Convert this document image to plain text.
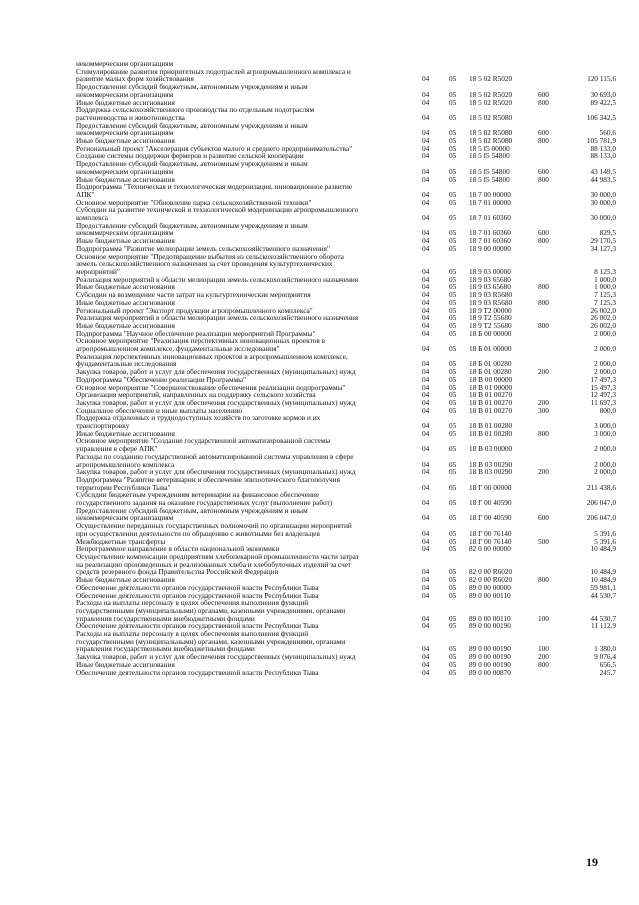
некоммерческим организациям
Стимулирование развития приоритетных подотраслей агропромышленного комплекса и
развитие малых форм хозяйствования	04	05 18 5 02 R5020	120 115,6
Предоставление субсидий бюджетным, автономным учреждениям и иным
некоммерческим организациям	04	05 18 5 02 R5020	600	30 693,0
Иные бюджетные ассигнования	04	05 18 5 02 R5020	800	89 422,5
Поддержка сельскохозяйственного производства по отдельным подотраслям
растениеводства и животноводства	04	05 18 5 02 R5080	106 342,5
Предоставление субсидий бюджетным, автономным учреждениям и иным
некоммерческим организациям	04	05 18 5 02 R5080	600	560,6
Иные бюджетные ассигнования	04	05 18 5 02 R5080	800	105 781,9
Региональный проект "Акселерация субъектов малого и среднего предпринимательства"	04	05 18 5 I5 00000	88 133,0
Создание системы поддержки фермеров и развитие сельской кооперации	04	05 18 5 I5 54800	88 133,0
Предоставление субсидий бюджетным, автономным учреждениям и иным
некоммерческим организациям	04	05 18 5 I5 54800	600	43 149,5
Иные бюджетные ассигнования	04	05 18 5 I5 54800	800	44 983,5
Подпрограмма "Техническая и технологическая модернизация, инновационное развитие
АПК"	04	05 18 7 00 00000	30 000,0
Основное мероприятие "Обновление парка сельскохозяйственной техники"	04	05 18 7 01 00000	30 000,0
Субсидии на развитие технической и технологической модернизации агропромышленного
комплекса	04	05 18 7 01 60360	30 000,0
Предоставление субсидий бюджетным, автономным учреждениям и иным
некоммерческим организациям	04	05 18 7 01 60360	600	829,5
Иные бюджетные ассигнования	04	05 18 7 01 60360	800	29 170,5
Подпрограмма "Развитие мелиорации земель сельскохозяйственного назначения"	04	05 18 9 00 00000	34 127,3
Основное мероприятие "Предотвращение выбытия из сельскохозяйственного оборота
земель сельскохозяйственного назначения за счет проведения культуртехнических
мероприятий"	04	05 18 9 03 00000	8 125,3
Реализация мероприятий в области мелиорации земель сельскохозяйственного назначения	04	05 18 9 03 65680	1 000,0
Иные бюджетные ассигнования	04	05 18 9 03 65680	800	1 000,0
Субсидии на возмещение части затрат на культуртехнические мероприятия	04	05 18 9 03 R5680	7 125,3
Иные бюджетные ассигнования	04	05 18 9 03 R5680	800	7 125,3
Региональный проект "Экспорт продукции агропромышленного комплекса"	04	05 18 9 T2 00000	26 002,0
Реализация мероприятий в области мелиорации земель сельскохозяйственного назначения	04	05 18 9 T2 55680	26 002,0
Иные бюджетные ассигнования	04	05 18 9 T2 55680	800	26 002,0
Подпрограмма "Научное обеспечение реализации мероприятий Программы"	04	05 18 Б 00 00000	2 000,0
Основное мероприятие "Реализация перспективных инновационных проектов в
агропромышленном комплексе, фундаментальные исследования"	04	05 18 Б 01 00000	2 000,0
Реализация перспективных инновационных проектов в агропромышленном комплексе,
фундаментальные исследования	04	05 18 Б 01 00280	2 000,0
Закупка товаров, работ и услуг для обеспечения государственных (муниципальных) нужд	04	05 18 Б 01 00280	200	2 000,0
Подпрограмма "Обеспечение реализации Программы"	04	05 18 В 00 00000	17 497,3
Основное мероприятие "Совершенствование обеспечения реализации подпрограммы"	04	05 18 В 01 00000	15 497,3
Организация мероприятий, направленных на поддержку сельского хозяйства	04	05 18 В 01 00270	12 497,3
Закупка товаров, работ и услуг для обеспечения государственных (муниципальных) нужд	04	05 18 В 01 00270	200	11 697,3
Социальное обеспечение и иные выплаты населению	04	05 18 В 01 00270	300	800,0
Поддержка отдаленных и труднодоступных хозяйств по заготовке кормов и их
транспортировку	04	05 18 В 01 00280	3 000,0
Иные бюджетные ассигнования	04	05 18 В 01 00280	800	3 000,0
Основное мероприятие "Создание государственной автоматизированной системы
управления в сфере АПК"	04	05 18 В 03 00000	2 000,0
Расходы по созданию государственной автоматизированной системы управления в сфере
агропромышленного комплекса	04	05 18 В 03 00290	2 000,0
Закупка товаров, работ и услуг для обеспечения государственных (муниципальных) нужд	04	05 18 В 03 00290	200	2 000,0
Подпрограмма "Развитие ветеринарии и обеспечение эпизоотического благополучия
территории Республики Тыва"	04	05 18 Г 00 00000	211 438,6
Субсидии бюджетным учреждениям ветеринарии на финансовое обеспечение
государственного задания на оказание государственных услуг (выполнение работ)	04	05 18 Г 00 40590	206 047,0
Предоставление субсидий бюджетным, автономным учреждениям и иным
некоммерческим организациям	04	05 18 Г 00 40590	600	206 047,0
Осуществление переданных государственных полномочий по организации мероприятий
при осуществлении деятельности по обращению с животными без владельцев	04	05 18 Г 00 76140	5 391,6
Межбюджетные трансферты	04	05 18 Г 00 76140	500	5 391,6
Непрограммное направление в области национальной экономики	04	05 82 0 00 00000	10 484,9
Осуществление компенсации предприятиям хлебопекарной промышленности части затрат
на реализацию произведенных и реализованных хлеба и хлебобулочных изделий за счет
средств резервного фонда Правительства Российской Федерации	04	05 82 0 00 R6020	10 484,9
Иные бюджетные ассигнования	04	05 82 0 00 R6020	800	10 484,9
Обеспечение деятельности органов государственной власти Республики Тыва	04	05 89 0 00 00000	59 981,1
Обеспечение деятельности органов государственной власти Республики Тыва	04	05 89 0 00 00110	44 530,7
Расходы на выплаты персоналу в целях обеспечения выполнения функций
государственными (муниципальными) органами, казенными учреждениями, органами
управления государственными внебюджетными фондами	04	05 89 0 00 00110	100	44 530,7
Обеспечение деятельности органов государственной власти Республики Тыва	04	05 89 0 00 00190	11 112,9
Расходы на выплаты персоналу в целях обеспечения выполнения функций
государственными (муниципальными) органами, казенными учреждениями, органами
управления государственными внебюджетными фондами	04	05 89 0 00 00190	100	1 380,0
Закупка товаров, работ и услуг для обеспечения государственных (муниципальных) нужд	04	05 89 0 00 00190	200	9 076,4
Иные бюджетные ассигнования	04	05 89 0 00 00190	800	656,5
Обеспечение деятельности органов государственной власти Республики Тыва	04	05 89 0 00 00870	245,7
19
